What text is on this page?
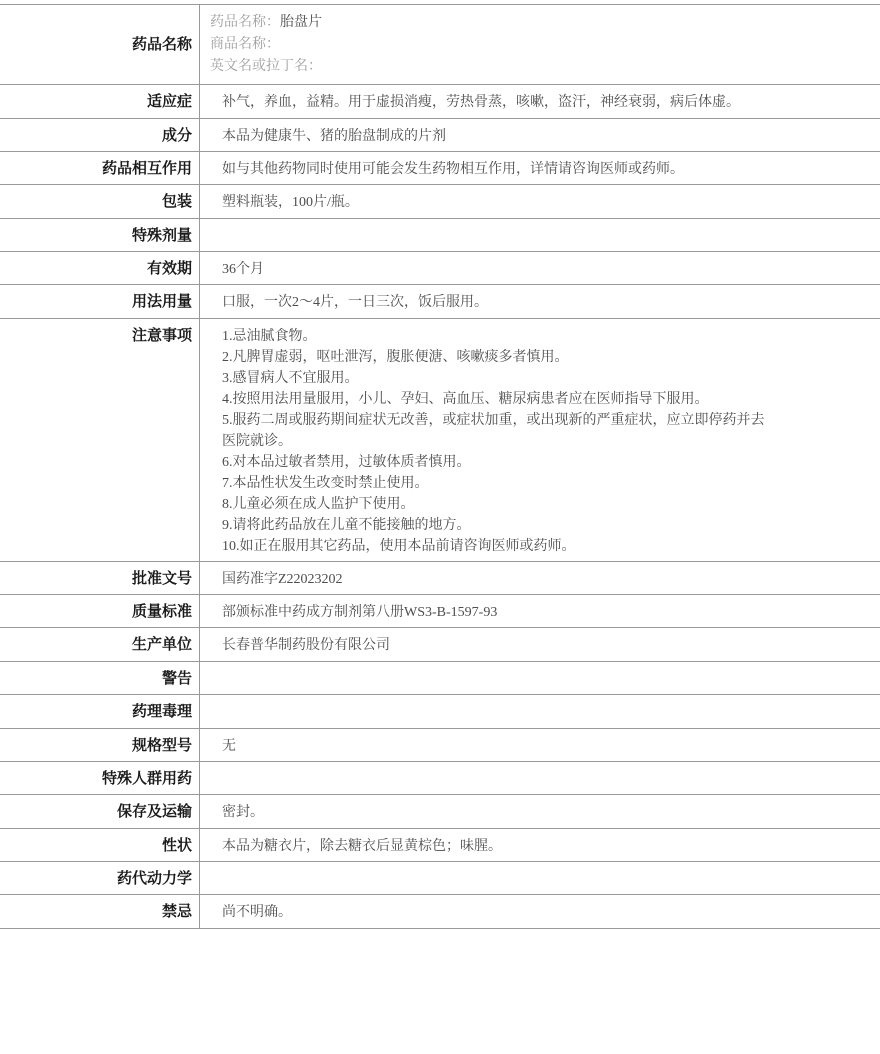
药品名称
药品名称：胎盘片
商品名称：
英文名或拉丁名：
适应症	补气，养血，益精。用于虚损消瘦，劳热骨蒸，咳嗽，盗汗，神经衰弱，病后体虚。
成分	本品为健康牛、猪的胎盘制成的片剂
药品相互作用	如与其他药物同时使用可能会发生药物相互作用，详情请咨询医师或药师。
包装	塑料瓶装，100片/瓶。
特殊剂量
有效期	36个月
用法用量	口服，一次2～4片，一日三次，饭后服用。
注意事项	1.忌油腻食物。
2.凡脾胃虚弱，呕吐泄泻，腹胀便溏、咳嗽痰多者慎用。
3.感冒病人不宜服用。
4.按照用法用量服用，小儿、孕妇、高血压、糖尿病患者应在医师指导下服用。
5.服药二周或服药期间症状无改善，或症状加重，或出现新的严重症状，应立即停药并去医院就诊。
6.对本品过敏者禁用，过敏体质者慎用。
7.本品性状发生改变时禁止使用。
8.儿童必须在成人监护下使用。
9.请将此药品放在儿童不能接触的地方。
10.如正在服用其它药品，使用本品前请咨询医师或药师。
批准文号	国药准字Z22023202
质量标准	部颁标准中药成方制剂第八册WS3-B-1597-93
生产单位	长春普华制药股份有限公司
警告
药理毒理
规格型号	无
特殊人群用药
保存及运输	密封。
性状	本品为糖衣片，除去糖衣后显黄棕色；味腥。
药代动力学
禁忌	尚不明确。
